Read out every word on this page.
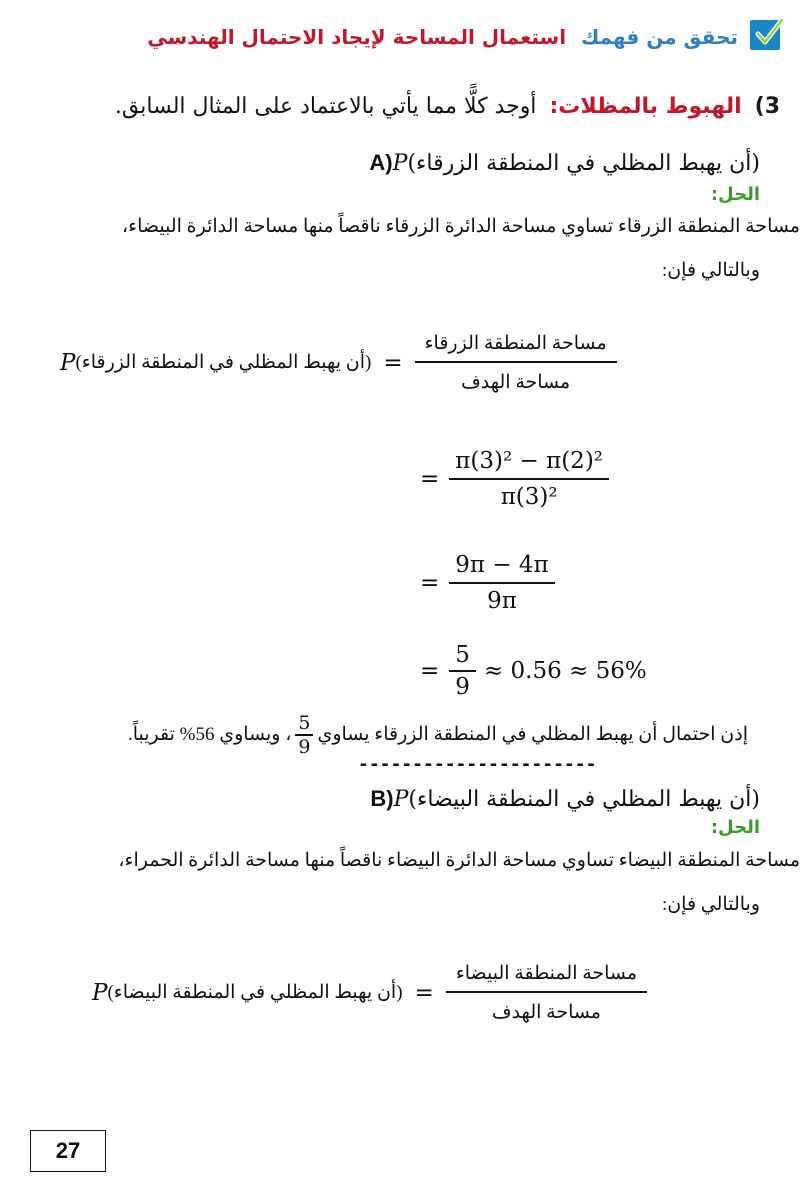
تحقق من فهمك استعمال المساحة لإيجاد الاحتمال الهندسي
3) الهبوط بالمظلات: أوجد كلًّا مما يأتي بالاعتماد على المثال السابق.
A)P(أن يهبط المظلي في المنطقة الزرقاء)
الحل:
مساحة المنطقة الزرقاء تساوي مساحة الدائرة الزرقاء ناقصاً منها مساحة الدائرة البيضاء،
وبالتالي فإن:
P (أن يهبط المظلي في المنطقة الزرقاء) = $\frac{\text{مساحة المنطقة الزرقاء}}{\text{مساحة الهدف}}$
= $\frac{\text{π(3)² − π(2)²}}{\text{π(3)²}}$
= $\frac{9\pi - 4\pi}{9\pi}$
= $\frac{5}{9} \approx 0.56 \approx 56\%$
إذن احتمال أن يهبط المظلي في المنطقة الزرقاء يساوي
$\frac{5}{9}$
، ويساوي 56% تقريباً.
----------------------
B)P(أن يهبط المظلي في المنطقة البيضاء)
الحل:
مساحة المنطقة البيضاء تساوي مساحة الدائرة البيضاء ناقصاً منها مساحة الدائرة الحمراء،
وبالتالي فإن:
P (أن يهبط المظلي في المنطقة البيضاء) = $\frac{\text{مساحة المنطقة البيضاء}}{\text{مساحة الهدف}}$
27
